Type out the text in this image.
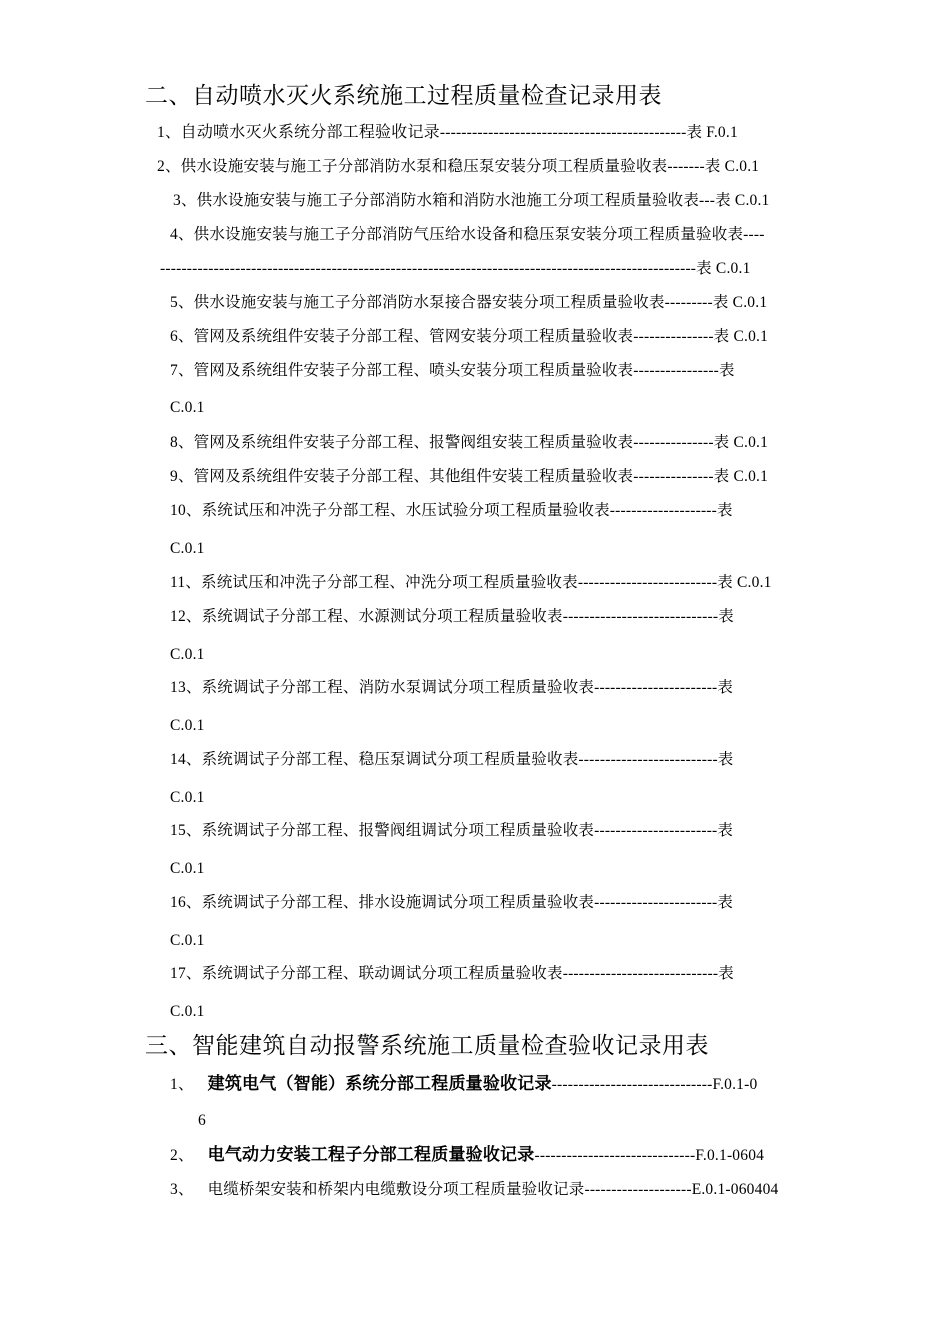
二、自动喷水灭火系统施工过程质量检查记录用表
1、自动喷水灭火系统分部工程验收记录----------------------------------------------表 F.0.1
2、供水设施安装与施工子分部消防水泵和稳压泵安装分项工程质量验收表-------表 C.0.1
3、供水设施安装与施工子分部消防水箱和消防水池施工分项工程质量验收表---表 C.0.1
4、供水设施安装与施工子分部消防气压给水设备和稳压泵安装分项工程质量验收表----
----------------------------------------------------------------------------------------------------表 C.0.1
5、供水设施安装与施工子分部消防水泵接合器安装分项工程质量验收表---------表 C.0.1
6、管网及系统组件安装子分部工程、管网安装分项工程质量验收表---------------表 C.0.1
7、管网及系统组件安装子分部工程、喷头安装分项工程质量验收表----------------表
C.0.1
8、管网及系统组件安装子分部工程、报警阀组安装工程质量验收表---------------表 C.0.1
9、管网及系统组件安装子分部工程、其他组件安装工程质量验收表---------------表 C.0.1
10、系统试压和冲洗子分部工程、水压试验分项工程质量验收表--------------------表
C.0.1
11、系统试压和冲洗子分部工程、冲洗分项工程质量验收表--------------------------表 C.0.1
12、系统调试子分部工程、水源测试分项工程质量验收表-----------------------------表
C.0.1
13、系统调试子分部工程、消防水泵调试分项工程质量验收表-----------------------表
C.0.1
14、系统调试子分部工程、稳压泵调试分项工程质量验收表--------------------------表
C.0.1
15、系统调试子分部工程、报警阀组调试分项工程质量验收表-----------------------表
C.0.1
16、系统调试子分部工程、排水设施调试分项工程质量验收表-----------------------表
C.0.1
17、系统调试子分部工程、联动调试分项工程质量验收表-----------------------------表
C.0.1
三、智能建筑自动报警系统施工质量检查验收记录用表
1、 建筑电气（智能）系统分部工程质量验收记录------------------------------F.0.1-0
6
2、 电气动力安装工程子分部工程质量验收记录------------------------------F.0.1-0604
3、 电缆桥架安装和桥架内电缆敷设分项工程质量验收记录--------------------E.0.1-060404
